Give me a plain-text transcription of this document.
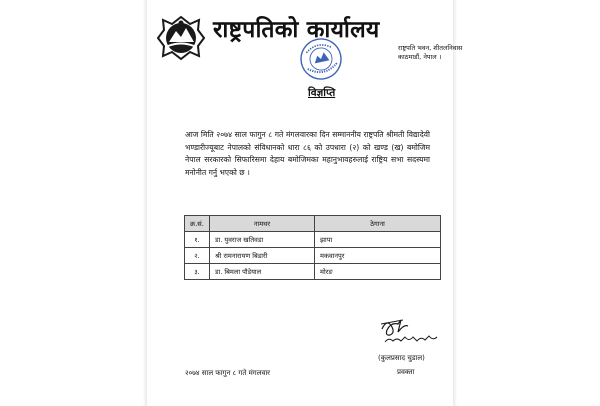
राष्ट्रपतिको कार्यालय
राष्ट्रपति भवन, शीतलनिवास
काठमाडौं, नेपाल ।
विज्ञप्ति
आज मिति २०७४ साल फागुन ८ गते मंगलवारका दिन सम्माननीय राष्ट्रपति श्रीमती विद्यादेवी भण्डारीज्यूबाट नेपालको संविधानको धारा ८६ को उपधारा (२) को खण्ड (ख) बमोजिम नेपाल सरकारको सिफारिसमा देहाय बमोजिमका महानुभावहरुलाई राष्ट्रिय सभा सदस्यमा मनोनीत गर्नु भएको छ ।
क्र.सं.	नामथर	ठेगाना
१.	डा. युवराज खतिवडा	झापा
२.	श्री रामनारायण बिडारी	मकवानपुर
३.	डा. बिमला पौडेयाल	मोरङ
(कुलप्रसाद चुडाल)
प्रवक्ता
२०७४ साल फागुन ८ गते मंगलवार
